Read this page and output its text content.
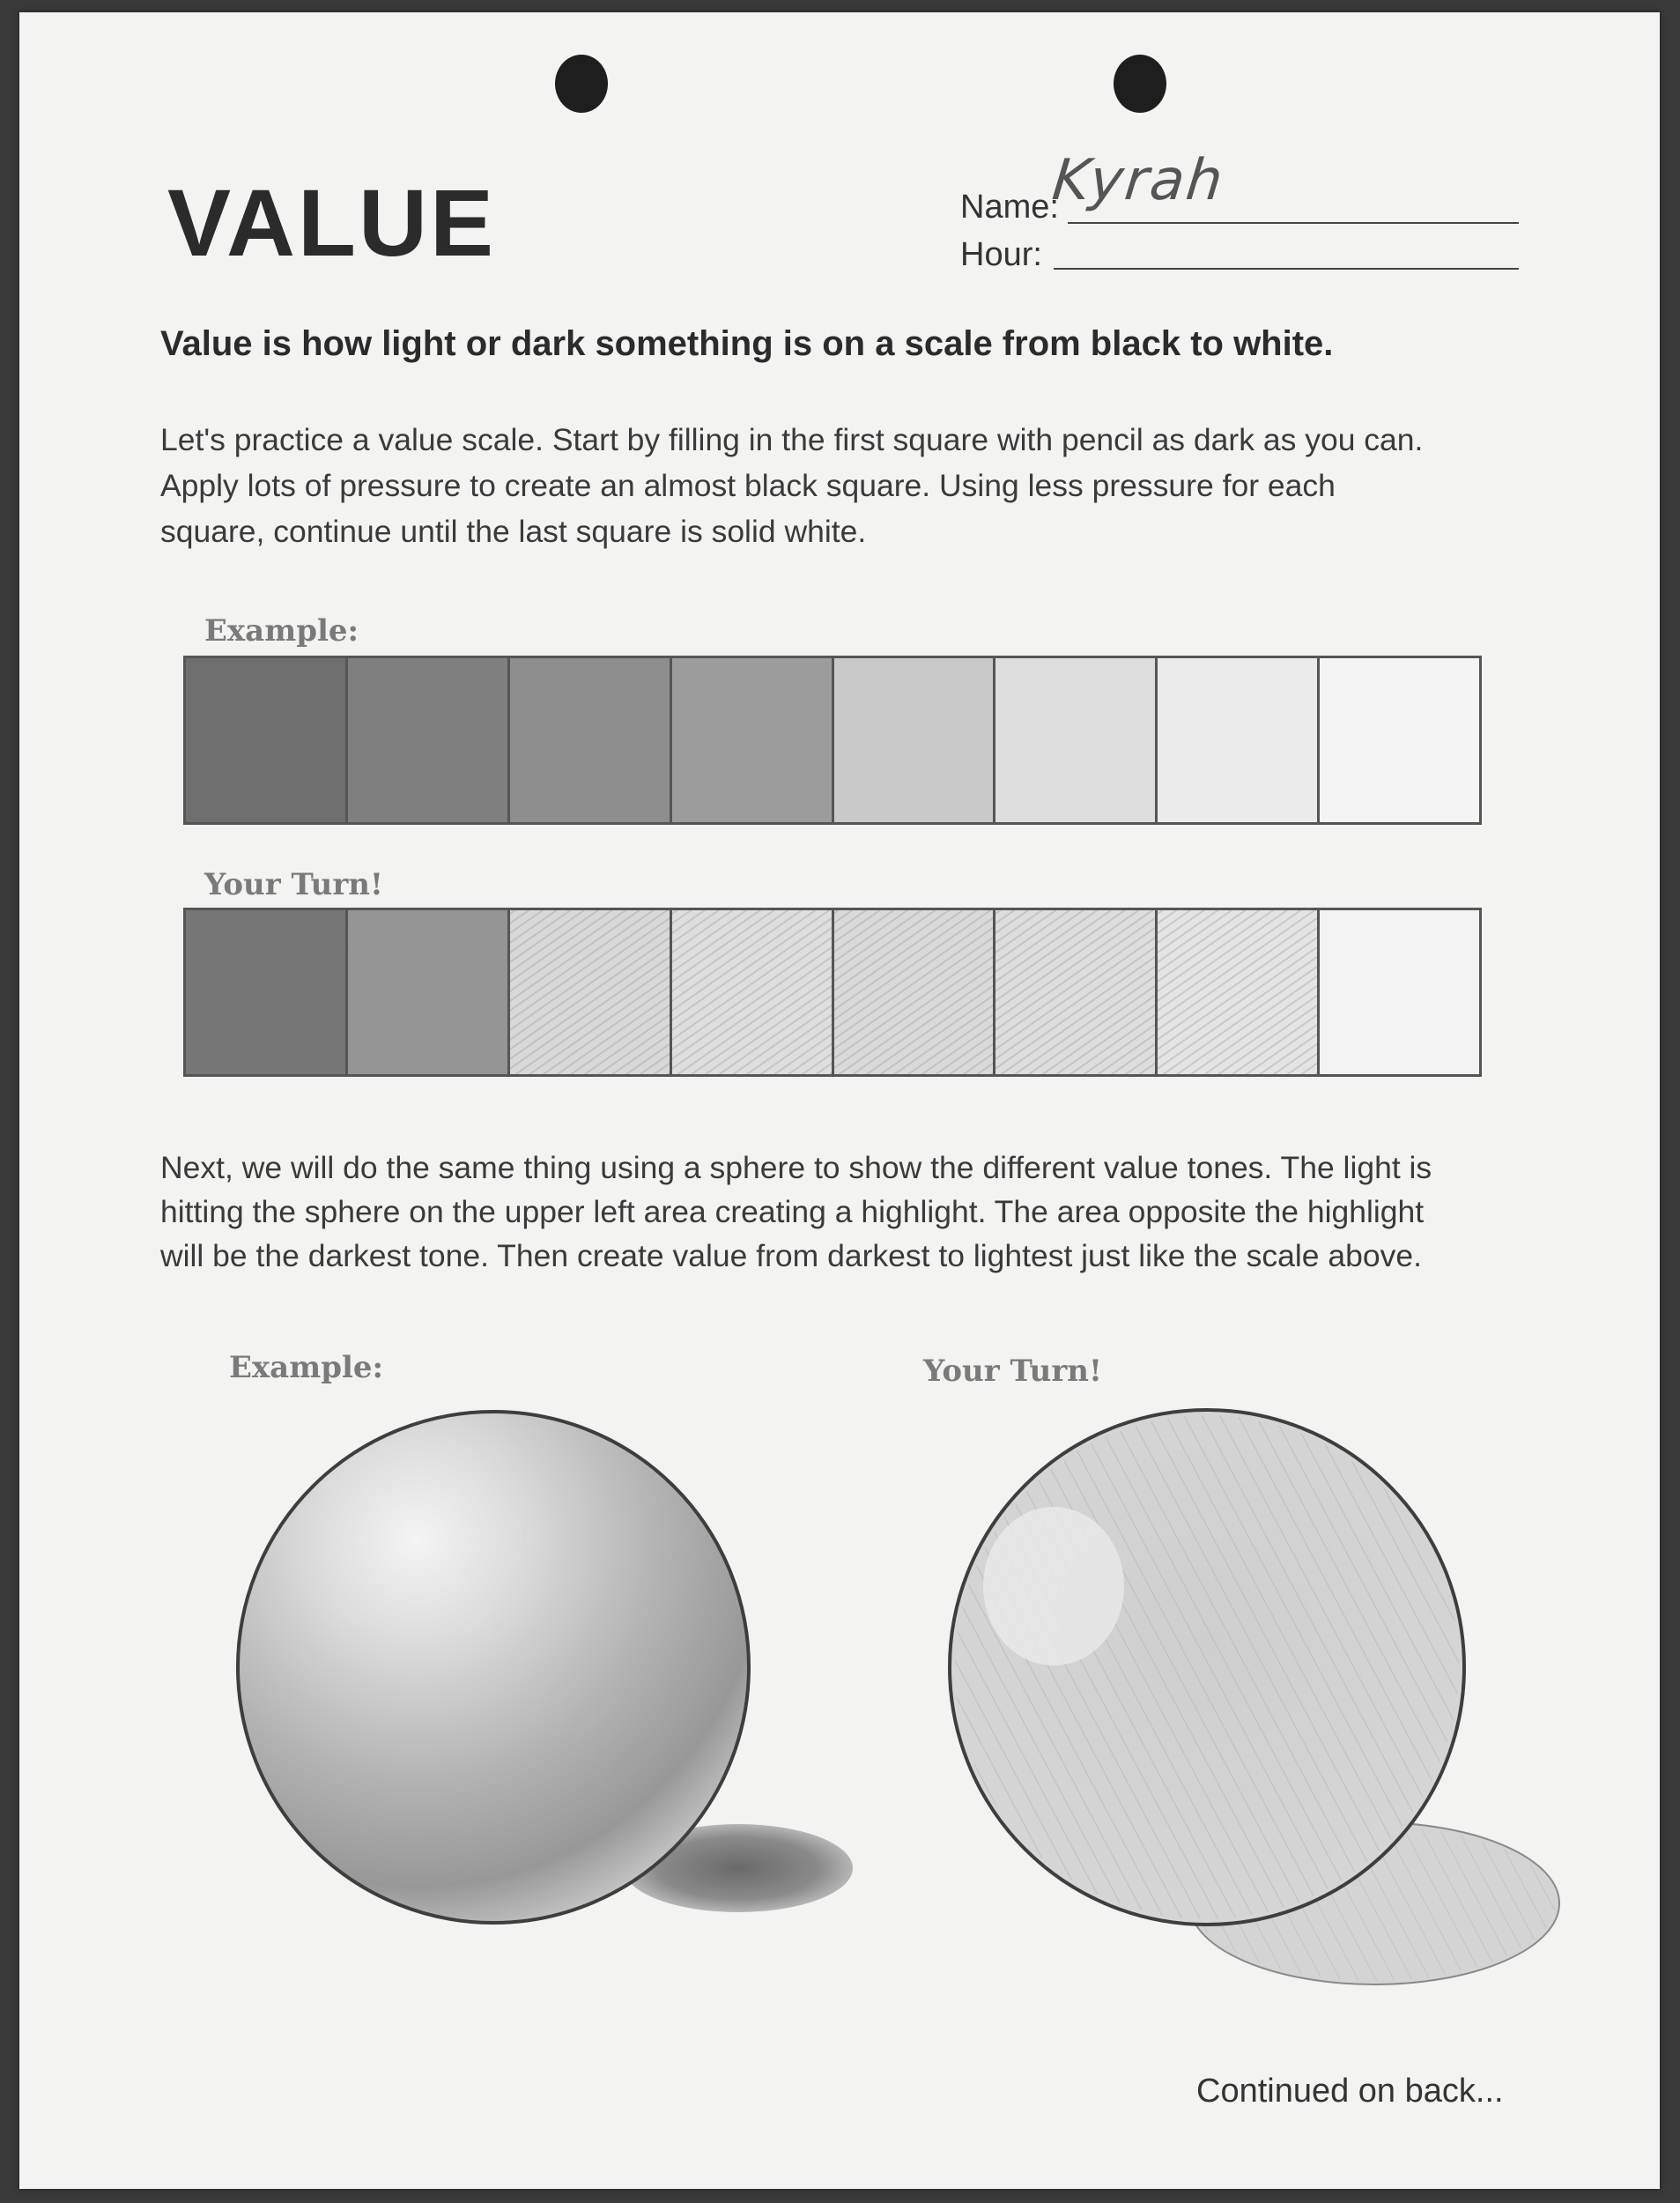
VALUE	Name:
Kyrah
Hour:
Value is how light or dark something is on a scale from black to white.
Let's practice a value scale. Start by filling in the first square with pencil as dark as you can.
Apply lots of pressure to create an almost black square. Using less pressure for each
square, continue until the last square is solid white.
Example:
Your Turn!
Next, we will do the same thing using a sphere to show the different value tones. The light is
hitting the sphere on the upper left area creating a highlight. The area opposite the highlight
will be the darkest tone. Then create value from darkest to lightest just like the scale above.
Example:	Your Turn!
Continued on back...
